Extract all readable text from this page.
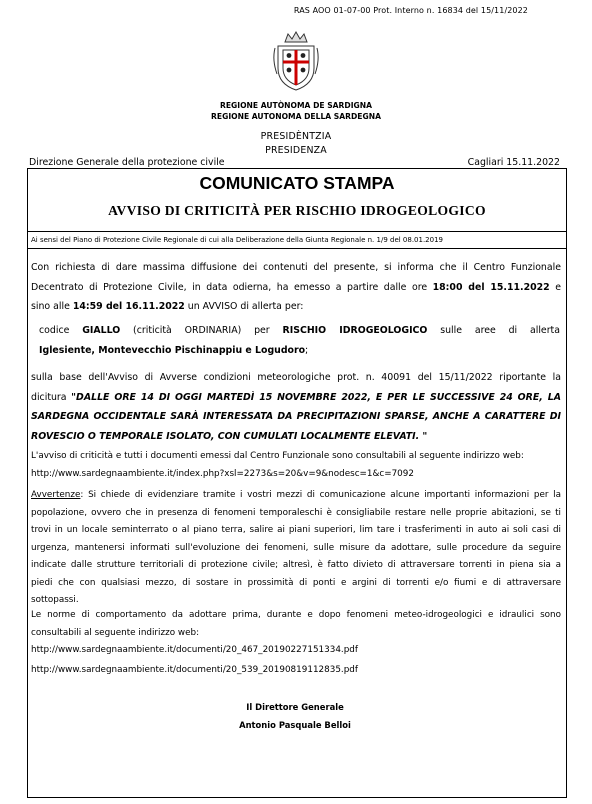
RAS AOO 01-07-00 Prot. Interno n. 16834 del 15/11/2022
REGIONE AUTÒNOMA DE SARDIGNA
REGIONE AUTONOMA DELLA SARDEGNA
PRESIDÈNTZIA
PRESIDENZA
Direzione Generale della protezione civile	Cagliari 15.11.2022
COMUNICATO STAMPA
AVVISO DI CRITICITÀ PER RISCHIO IDROGEOLOGICO
Ai sensi del Piano di Protezione Civile Regionale di cui alla Deliberazione della Giunta Regionale n. 1/9 del 08.01.2019
Con richiesta di dare massima diffusione dei contenuti del presente, si informa che il Centro Funzionale
Decentrato di Protezione Civile, in data odierna, ha emesso a partire dalle ore 18:00 del 15.11.2022 e
sino alle 14:59 del 16.11.2022 un AVVISO di allerta per:
codice GIALLO (criticità ORDINARIA) per RISCHIO IDROGEOLOGICO sulle aree di allerta
Iglesiente, Montevecchio Pischinappiu e Logudoro;
sulla base dell'Avviso di Avverse condizioni meteorologiche prot. n. 40091 del 15/11/2022 riportante la
dicitura "DALLE ORE 14 DI OGGI MARTEDÌ 15 NOVEMBRE 2022, E PER LE SUCCESSIVE 24 ORE, LA
SARDEGNA OCCIDENTALE SARÀ INTERESSATA DA PRECIPITAZIONI SPARSE, ANCHE A CARATTERE DI
ROVESCIO O TEMPORALE ISOLATO, CON CUMULATI LOCALMENTE ELEVATI. "
L'avviso di criticità e tutti i documenti emessi dal Centro Funzionale sono consultabili al seguente indirizzo web:
http://www.sardegnaambiente.it/index.php?xsl=2273&s=20&v=9&nodesc=1&c=7092
Avvertenze: Si chiede di evidenziare tramite i vostri mezzi di comunicazione alcune importanti informazioni per la
popolazione, ovvero che in presenza di fenomeni temporaleschi è consigliabile restare nelle proprie abitazioni, se ti
trovi in un locale seminterrato o al piano terra, salire ai piani superiori, lim tare i trasferimenti in auto ai soli casi di
urgenza, mantenersi informati sull'evoluzione dei fenomeni, sulle misure da adottare, sulle procedure da seguire
indicate dalle strutture territoriali di protezione civile; altresì, è fatto divieto di attraversare torrenti in piena sia a
piedi che con qualsiasi mezzo, di sostare in prossimità di ponti e argini di torrenti e/o fiumi e di attraversare
sottopassi.
Le norme di comportamento da adottare prima, durante e dopo fenomeni meteo-idrogeologici e idraulici sono
consultabili al seguente indirizzo web:
http://www.sardegnaambiente.it/documenti/20_467_20190227151334.pdf
http://www.sardegnaambiente.it/documenti/20_539_20190819112835.pdf
Il Direttore Generale
Antonio Pasquale Belloi
